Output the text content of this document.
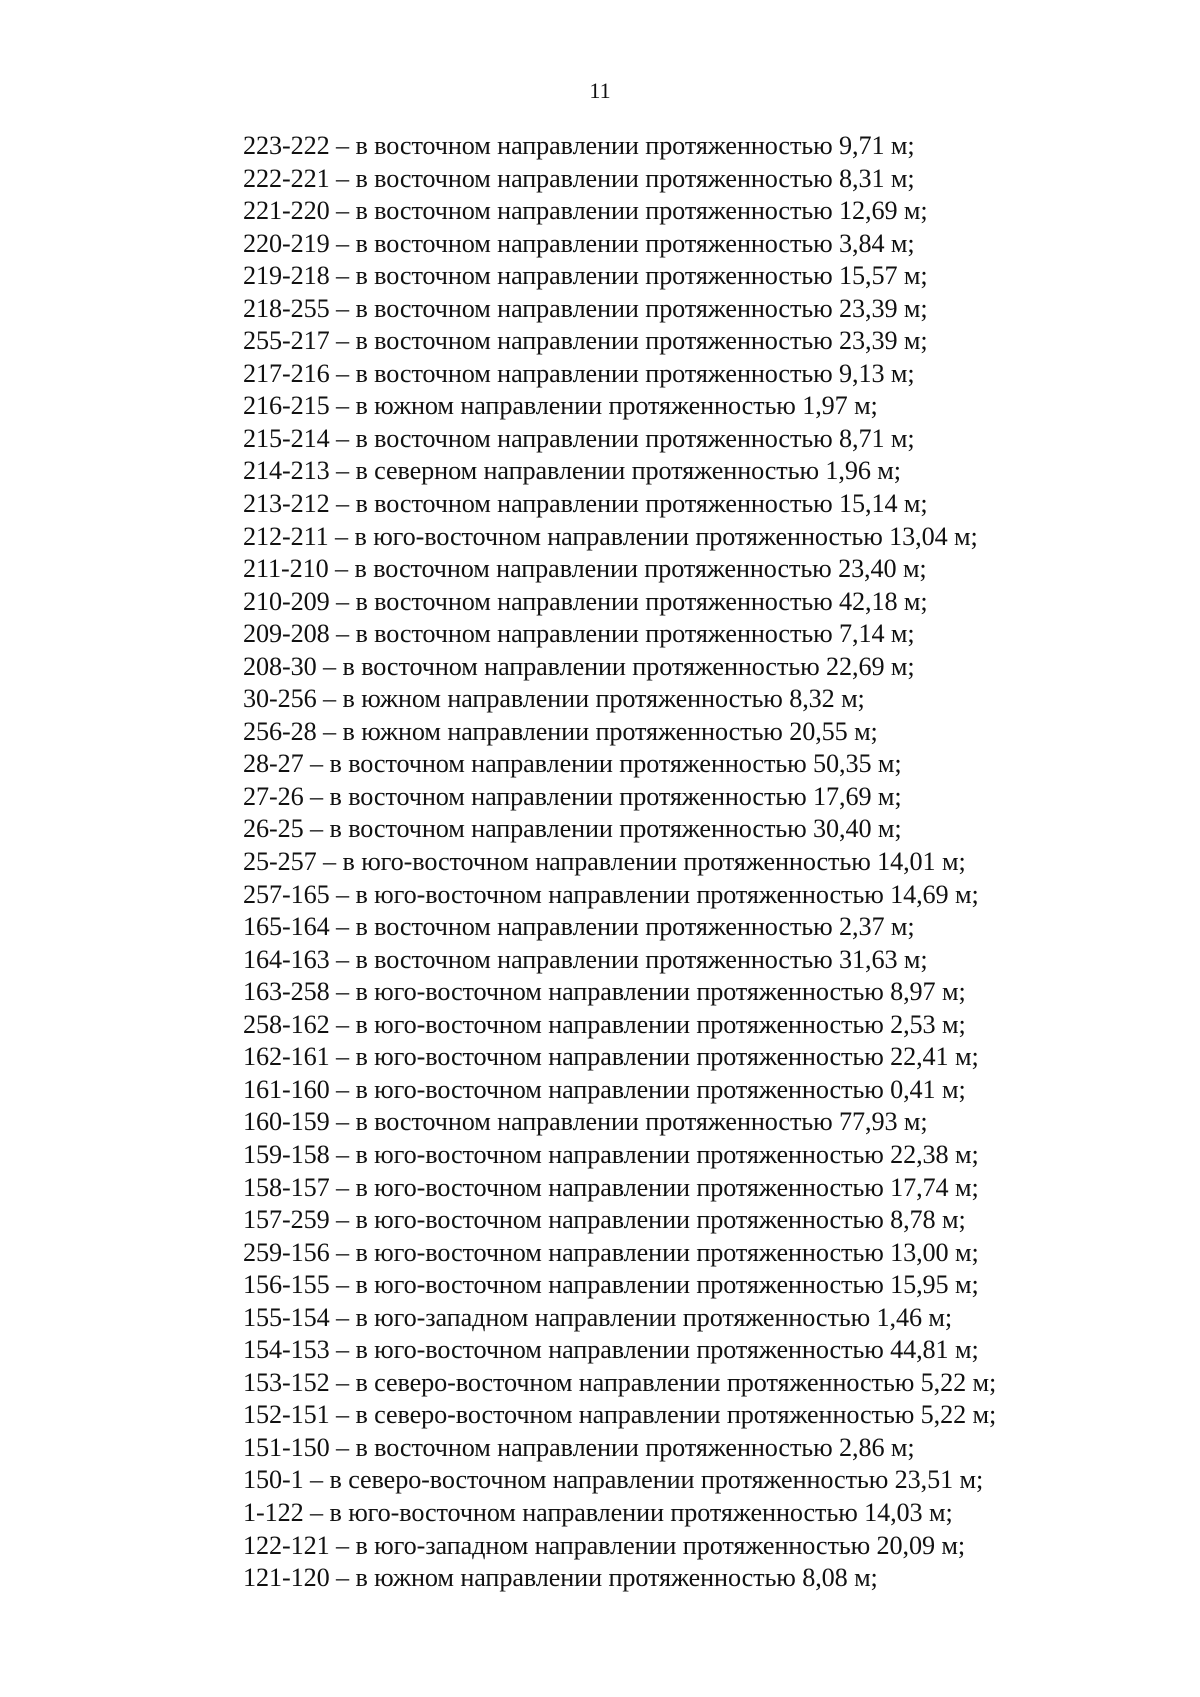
11
223-222 – в восточном направлении протяженностью 9,71 м;
222-221 – в восточном направлении протяженностью 8,31 м;
221-220 – в восточном направлении протяженностью 12,69 м;
220-219 – в восточном направлении протяженностью 3,84 м;
219-218 – в восточном направлении протяженностью 15,57 м;
218-255 – в восточном направлении протяженностью 23,39 м;
255-217 – в восточном направлении протяженностью 23,39 м;
217-216 – в восточном направлении протяженностью 9,13 м;
216-215 – в южном направлении протяженностью 1,97 м;
215-214 – в восточном направлении протяженностью 8,71 м;
214-213 – в северном направлении протяженностью 1,96 м;
213-212 – в восточном направлении протяженностью 15,14 м;
212-211 – в юго-восточном направлении протяженностью 13,04 м;
211-210 – в восточном направлении протяженностью 23,40 м;
210-209 – в восточном направлении протяженностью 42,18 м;
209-208 – в восточном направлении протяженностью 7,14 м;
208-30 – в восточном направлении протяженностью 22,69 м;
30-256 – в южном направлении протяженностью 8,32 м;
256-28 – в южном направлении протяженностью 20,55 м;
28-27 – в восточном направлении протяженностью 50,35 м;
27-26 – в восточном направлении протяженностью 17,69 м;
26-25 – в восточном направлении протяженностью 30,40 м;
25-257 – в юго-восточном направлении протяженностью 14,01 м;
257-165 – в юго-восточном направлении протяженностью 14,69 м;
165-164 – в восточном направлении протяженностью 2,37 м;
164-163 – в восточном направлении протяженностью 31,63 м;
163-258 – в юго-восточном направлении протяженностью 8,97 м;
258-162 – в юго-восточном направлении протяженностью 2,53 м;
162-161 – в юго-восточном направлении протяженностью 22,41 м;
161-160 – в юго-восточном направлении протяженностью 0,41 м;
160-159 – в восточном направлении протяженностью 77,93 м;
159-158 – в юго-восточном направлении протяженностью 22,38 м;
158-157 – в юго-восточном направлении протяженностью 17,74 м;
157-259 – в юго-восточном направлении протяженностью 8,78 м;
259-156 – в юго-восточном направлении протяженностью 13,00 м;
156-155 – в юго-восточном направлении протяженностью 15,95 м;
155-154 – в юго-западном направлении протяженностью 1,46 м;
154-153 – в юго-восточном направлении протяженностью 44,81 м;
153-152 – в северо-восточном направлении протяженностью 5,22 м;
152-151 – в северо-восточном направлении протяженностью 5,22 м;
151-150 – в восточном направлении протяженностью 2,86 м;
150-1 – в северо-восточном направлении протяженностью 23,51 м;
1-122 – в юго-восточном направлении протяженностью 14,03 м;
122-121 – в юго-западном направлении протяженностью 20,09 м;
121-120 – в южном направлении протяженностью 8,08 м;
